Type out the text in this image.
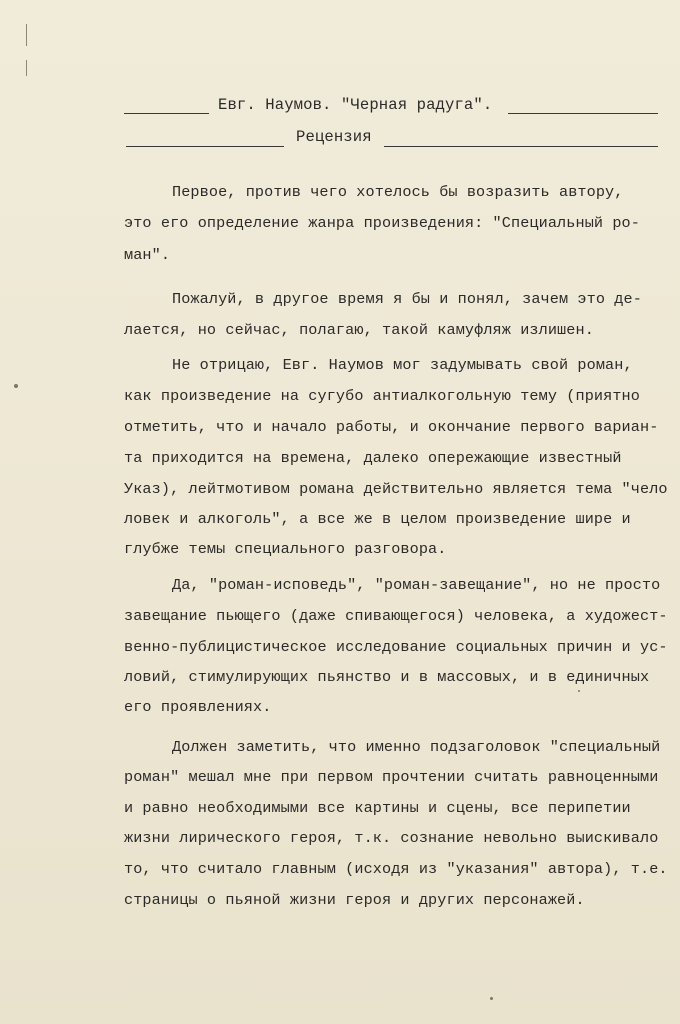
Евг. Наумов. "Черная радуга".
Рецензия
Первое, против чего хотелось бы возразить автору,
это его определение жанра произведения: "Специальный ро-
ман".
Пожалуй, в другое время я бы и понял, зачем это де-
лается, но сейчас, полагаю, такой камуфляж излишен.
Не отрицаю, Евг. Наумов мог задумывать свой роман,
как произведение на сугубо антиалкогольную тему (приятно
отметить, что и начало работы, и окончание первого вариан-
та приходится на времена, далеко опережающие известный
Указ), лейтмотивом романа действительно является тема "чело
ловек и алкоголь", а все же в целом произведение шире и
глубже темы специального разговора.
Да, "роман-исповедь", "роман-завещание", но не просто
завещание пьющего (даже спивающегося) человека, а художест-
венно-публицистическое исследование социальных причин и ус-
ловий, стимулирующих пьянство и в массовых, и в единичных
его проявлениях.
Должен заметить, что именно подзаголовок "специальный
роман" мешал мне при первом прочтении считать равноценными
и равно необходимыми все картины и сцены, все перипетии
жизни лирического героя, т.к. сознание невольно выискивало
то, что считало главным (исходя из "указания" автора), т.е.
страницы о пьяной жизни героя и других персонажей.
